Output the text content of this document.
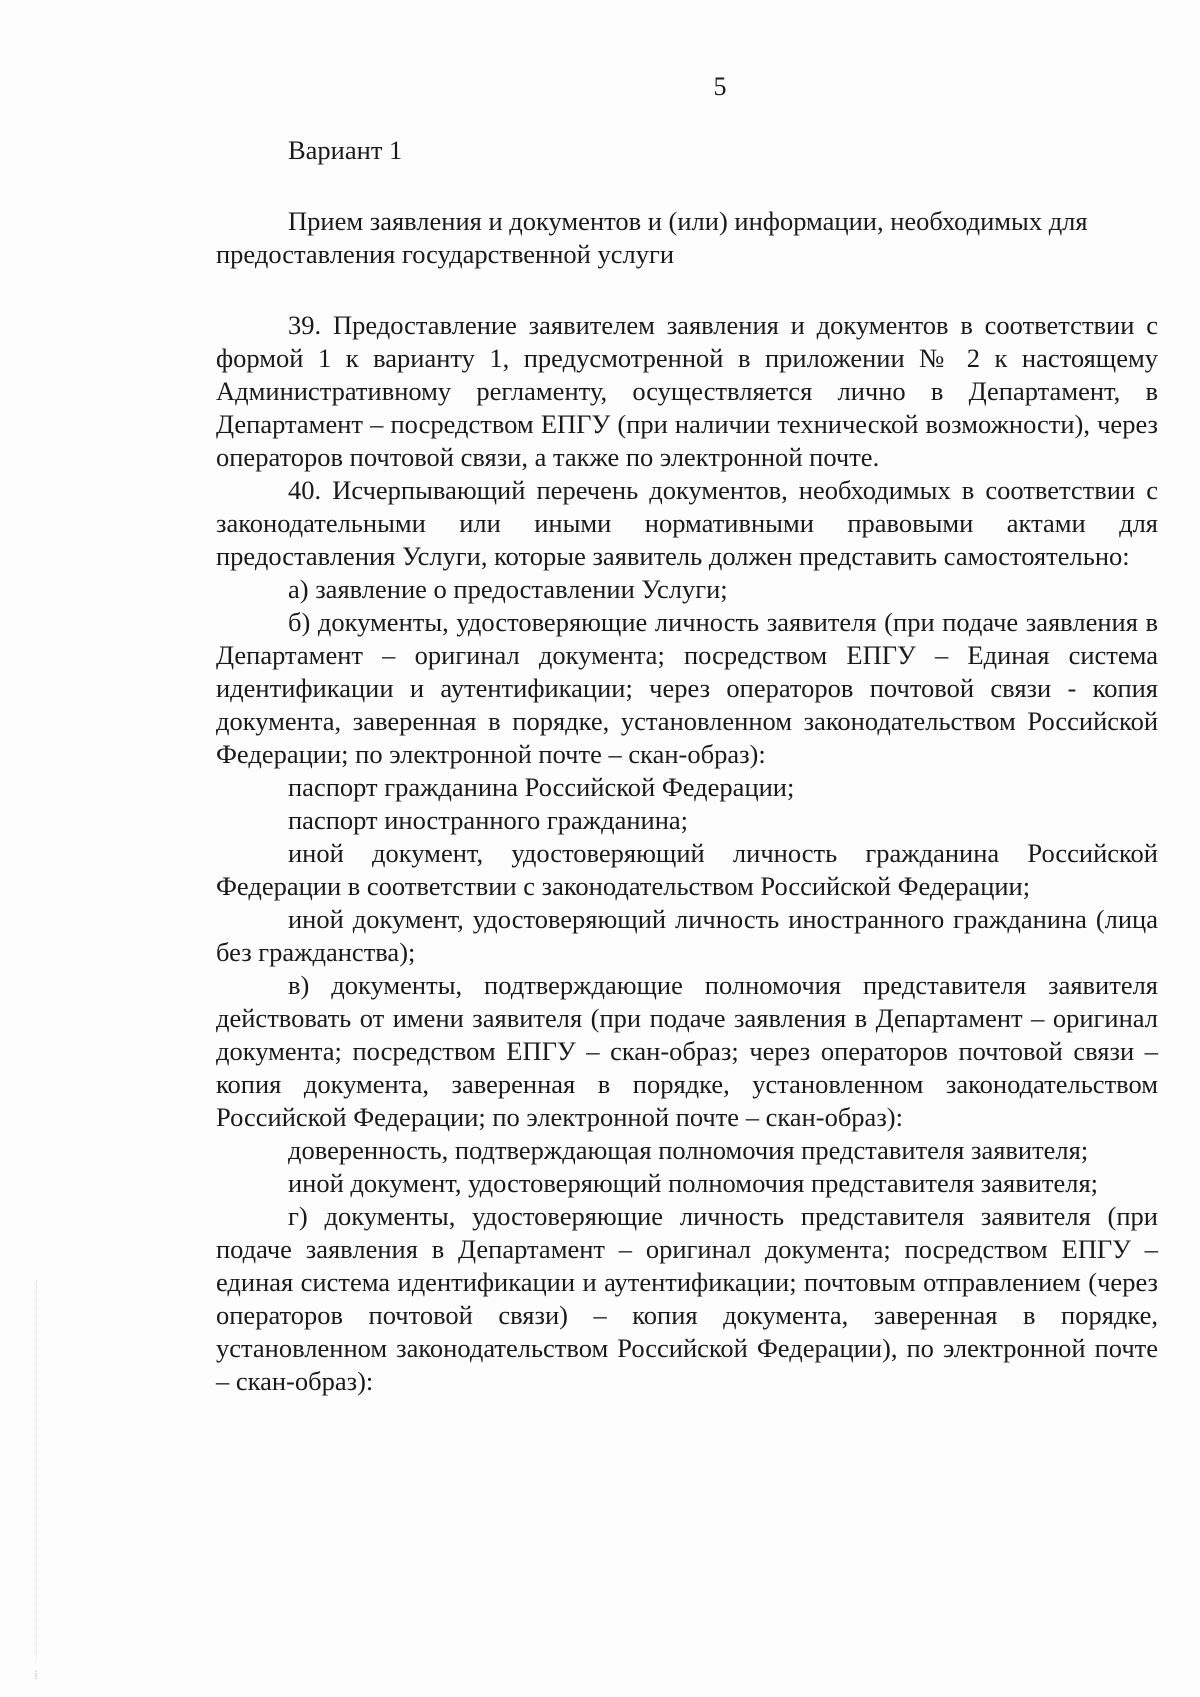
5

Вариант 1

Прием заявления и документов и (или) информации, необходимых для предоставления государственной услуги

39. Предоставление заявителем заявления и документов в соответствии с формой 1 к варианту 1, предусмотренной в приложении № 2 к настоящему Административному регламенту, осуществляется лично в Департамент, в Департамент – посредством ЕПГУ (при наличии технической возможности), через операторов почтовой связи, а также по электронной почте.

40. Исчерпывающий перечень документов, необходимых в соответствии с законодательными или иными нормативными правовыми актами для предоставления Услуги, которые заявитель должен представить самостоятельно:

а) заявление о предоставлении Услуги;

б) документы, удостоверяющие личность заявителя (при подаче заявления в Департамент – оригинал документа; посредством ЕПГУ – Единая система идентификации и аутентификации; через операторов почтовой связи - копия документа, заверенная в порядке, установленном законодательством Российской Федерации; по электронной почте – скан-образ):

паспорт гражданина Российской Федерации;

паспорт иностранного гражданина;

иной документ, удостоверяющий личность гражданина Российской Федерации в соответствии с законодательством Российской Федерации;

иной документ, удостоверяющий личность иностранного гражданина (лица без гражданства);

в) документы, подтверждающие полномочия представителя заявителя действовать от имени заявителя (при подаче заявления в Департамент – оригинал документа; посредством ЕПГУ – скан-образ; через операторов почтовой связи – копия документа, заверенная в порядке, установленном законодательством Российской Федерации; по электронной почте – скан-образ):

доверенность, подтверждающая полномочия представителя заявителя;

иной документ, удостоверяющий полномочия представителя заявителя;

г) документы, удостоверяющие личность представителя заявителя (при подаче заявления в Департамент – оригинал документа; посредством ЕПГУ – единая система идентификации и аутентификации; почтовым отправлением (через операторов почтовой связи) – копия документа, заверенная в порядке, установленном законодательством Российской Федерации), по электронной почте – скан-образ):

⁞
